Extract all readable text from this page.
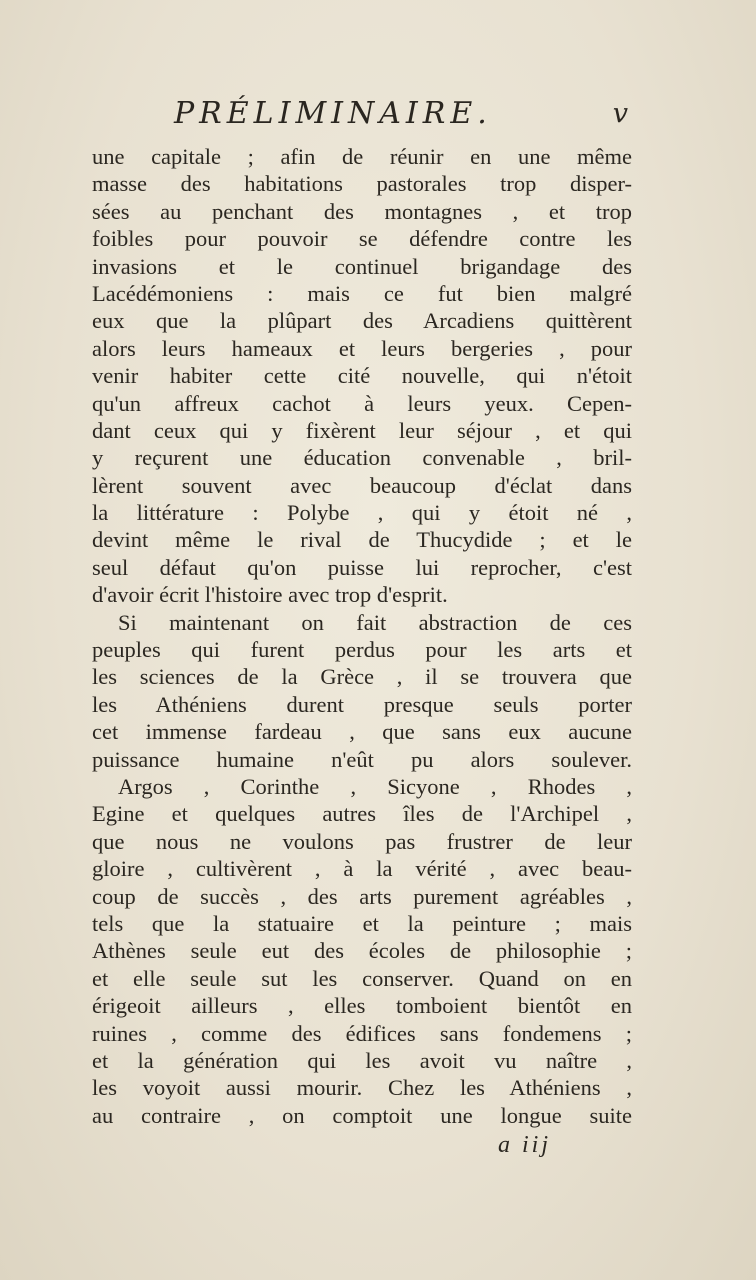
PRÉLIMINAIRE.	v
une capitale ; afin de réunir en une même
masse des habitations pastorales trop disper-
sées au penchant des montagnes , et trop
foibles pour pouvoir se défendre contre les
invasions et le continuel brigandage des
Lacédémoniens : mais ce fut bien malgré
eux que la plûpart des Arcadiens quittèrent
alors leurs hameaux et leurs bergeries , pour
venir habiter cette cité nouvelle, qui n'étoit
qu'un affreux cachot à leurs yeux. Cepen-
dant ceux qui y fixèrent leur séjour , et qui
y reçurent une éducation convenable , bril-
lèrent souvent avec beaucoup d'éclat dans
la littérature : Polybe , qui y étoit né ,
devint même le rival de Thucydide ; et le
seul défaut qu'on puisse lui reprocher, c'est
d'avoir écrit l'histoire avec trop d'esprit.
Si maintenant on fait abstraction de ces
peuples qui furent perdus pour les arts et
les sciences de la Grèce , il se trouvera que
les Athéniens durent presque seuls porter
cet immense fardeau , que sans eux aucune
puissance humaine n'eût pu alors soulever.
Argos , Corinthe , Sicyone , Rhodes ,
Egine et quelques autres îles de l'Archipel ,
que nous ne voulons pas frustrer de leur
gloire , cultivèrent , à la vérité , avec beau-
coup de succès , des arts purement agréables ,
tels que la statuaire et la peinture ; mais
Athènes seule eut des écoles de philosophie ;
et elle seule sut les conserver. Quand on en
érigeoit ailleurs , elles tomboient bientôt en
ruines , comme des édifices sans fondemens ;
et la génération qui les avoit vu naître ,
les voyoit aussi mourir. Chez les Athéniens ,
au contraire , on comptoit une longue suite
a iij
